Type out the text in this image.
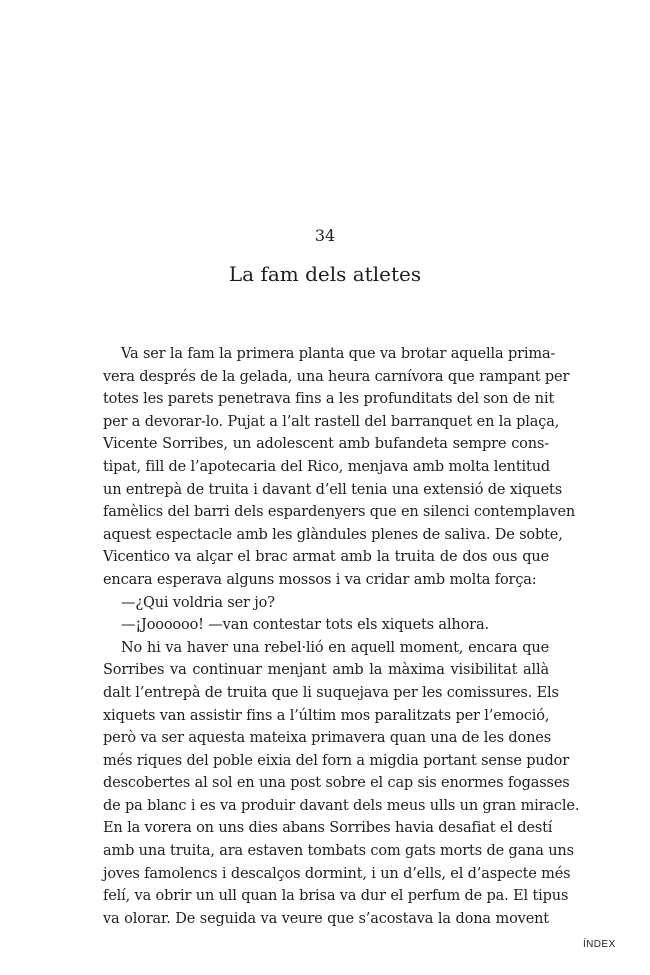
34
La fam dels atletes
Va ser la fam la primera planta que va brotar aquella prima-
vera després de la gelada, una heura carnívora que rampant per
totes les parets penetrava fins a les profunditats del son de nit
per a devorar-lo. Pujat a l’alt rastell del barranquet en la plaça,
Vicente Sorribes, un adolescent amb bufandeta sempre cons-
tipat, fill de l’apotecaria del Rico, menjava amb molta lentitud
un entrepà de truita i davant d’ell tenia una extensió de xiquets
famèlics del barri dels espardenyers que en silenci contemplaven
aquest espectacle amb les glàndules plenes de saliva. De sobte,
Vicentico va alçar el brac armat amb la truita de dos ous que
encara esperava alguns mossos i va cridar amb molta força:
—¿Qui voldria ser jo?
—¡Joooooo! —van contestar tots els xiquets alhora.
No hi va haver una rebel·lió en aquell moment, encara que
Sorribes va continuar menjant amb la màxima visibilitat allà
dalt l’entrepà de truita que li suquejava per les comissures. Els
xiquets van assistir fins a l’últim mos paralitzats per l’emoció,
però va ser aquesta mateixa primavera quan una de les dones
més riques del poble eixia del forn a migdia portant sense pudor
descobertes al sol en una post sobre el cap sis enormes fogasses
de pa blanc i es va produir davant dels meus ulls un gran miracle.
En la vorera on uns dies abans Sorribes havia desafiat el destí
amb una truita, ara estaven tombats com gats morts de gana uns
joves famolencs i descalços dormint, i un d’ells, el d’aspecte més
felí, va obrir un ull quan la brisa va dur el perfum de pa. El tipus
va olorar. De seguida va veure que s’acostava la dona movent
ÍNDEX
